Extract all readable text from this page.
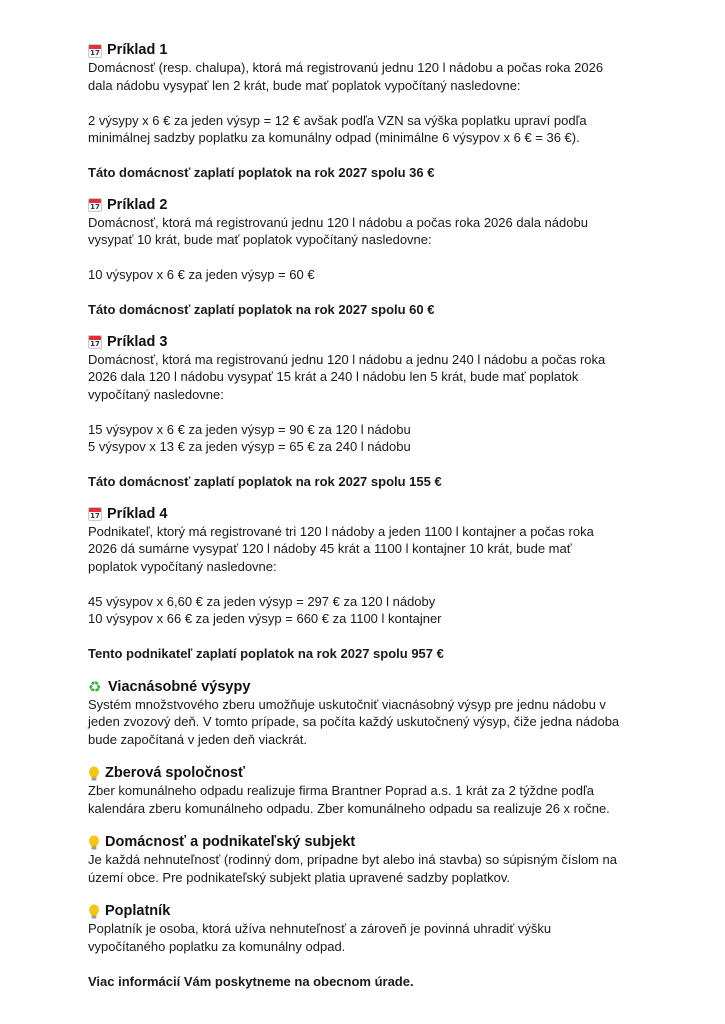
17 Príklad 1

Domácnosť (resp. chalupa), ktorá má registrovanú jednu 120 l nádobu a počas roka 2026

dala nádobu vysypať len 2 krát, bude mať poplatok vypočítaný nasledovne:

2 výsypy x 6 € za jeden výsyp = 12 € avšak podľa VZN sa výška poplatku upraví podľa

minimálnej sadzby poplatku za komunálny odpad (minimálne 6 výsypov x 6 € = 36 €).

Táto domácnosť zaplatí poplatok na rok 2027 spolu 36 €

17 Príklad 2

Domácnosť, ktorá má registrovanú jednu 120 l nádobu a počas roka 2026 dala nádobu

vysypať 10 krát, bude mať poplatok vypočítaný nasledovne:

10 výsypov x 6 € za jeden výsyp = 60 €

Táto domácnosť zaplatí poplatok na rok 2027 spolu 60 €

17 Príklad 3

Domácnosť, ktorá ma registrovanú jednu 120 l nádobu a jednu 240 l nádobu a počas roka

2026 dala 120 l nádobu vysypať 15 krát a 240 l nádobu len 5 krát, bude mať poplatok

vypočítaný nasledovne:

15 výsypov x 6 € za jeden výsyp = 90 € za 120 l nádobu

5 výsypov x 13 € za jeden výsyp = 65 € za 240 l nádobu

Táto domácnosť zaplatí poplatok na rok 2027 spolu 155 €

17 Príklad 4

Podnikateľ, ktorý má registrované tri 120 l nádoby a jeden 1100 l kontajner a počas roka

2026 dá sumárne vysypať 120 l nádoby 45 krát a 1100 l kontajner 10 krát, bude mať

poplatok vypočítaný nasledovne:

45 výsypov x 6,60 € za jeden výsyp = 297 € za 120 l nádoby

10 výsypov x 66 € za jeden výsyp = 660 € za 1100 l kontajner

Tento podnikateľ zaplatí poplatok na rok 2027 spolu 957 €

♻ Viacnásobné výsypy

Systém množstvového zberu umožňuje uskutočniť viacnásobný výsyp pre jednu nádobu v

jeden zvozový deň. V tomto prípade, sa počíta každý uskutočnený výsyp, čiže jedna nádoba

bude započítaná v jeden deň viackrát.

Zberová spoločnosť

Zber komunálneho odpadu realizuje firma Brantner Poprad a.s. 1 krát za 2 týždne podľa

kalendára zberu komunálneho odpadu. Zber komunálneho odpadu sa realizuje 26 x ročne.

Domácnosť a podnikateľský subjekt

Je každá nehnuteľnosť (rodinný dom, prípadne byt alebo iná stavba) so súpisným číslom na

území obce. Pre podnikateľský subjekt platia upravené sadzby poplatkov.

Poplatník

Poplatník je osoba, ktorá užíva nehnuteľnosť a zároveň je povinná uhradiť výšku

vypočítaného poplatku za komunálny odpad.

Viac informácií Vám poskytneme na obecnom úrade.
